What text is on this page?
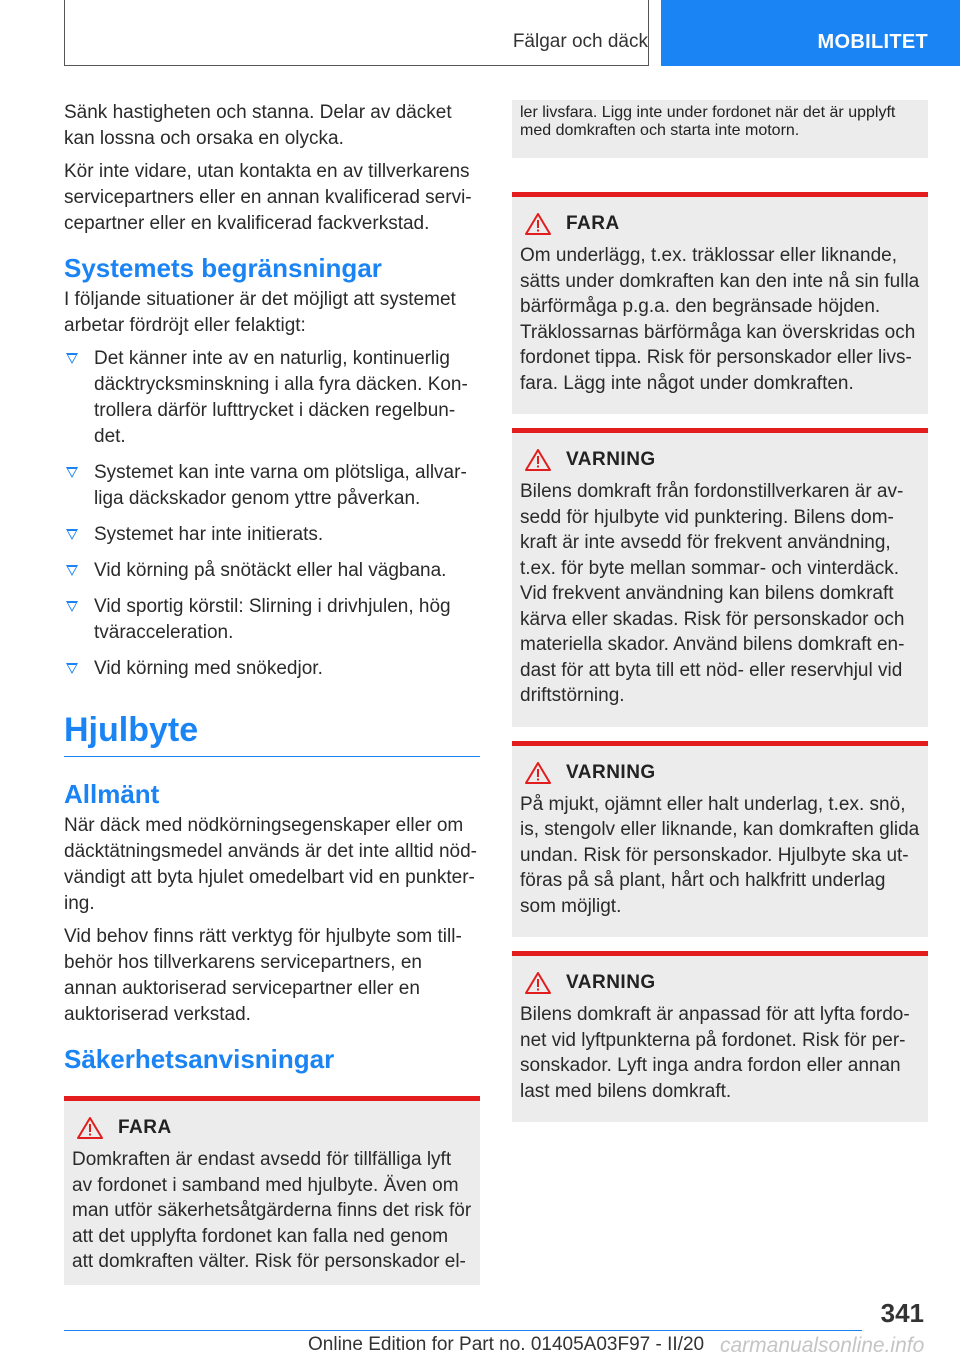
Fälgar och däck	MOBILITET

Sänk hastigheten och stanna. Delar av däcket kan lossna och orsaka en olycka.

Kör inte vidare, utan kontakta en av tillverkarens servicepartners eller en annan kvalificerad servi-cepartner eller en kvalificerad fackverkstad.

Systemets begränsningar

I följande situationer är det möjligt att systemet arbetar fördröjt eller felaktigt:

Det känner inte av en naturlig, kontinuerlig däcktrycksminskning i alla fyra däcken. Kon-trollera därför lufttrycket i däcken regelbun-det.
Systemet kan inte varna om plötsliga, allvar-liga däckskador genom yttre påverkan.
Systemet har inte initierats.
Vid körning på snötäckt eller hal vägbana.
Vid sportig körstil: Slirning i drivhjulen, hög tväracceleration.
Vid körning med snökedjor.
Hjulbyte
Allmänt

När däck med nödkörningsegenskaper eller om däcktätningsmedel används är det inte alltid nöd-vändigt att byta hjulet omedelbart vid en punkter-ing.

Vid behov finns rätt verktyg för hjulbyte som till-behör hos tillverkarens servicepartners, en annan auktoriserad servicepartner eller en auktoriserad verkstad.

Säkerhetsanvisningar
FARA
Domkraften är endast avsedd för tillfälliga lyft av fordonet i samband med hjulbyte. Även om man utför säkerhetsåtgärderna finns det risk för att det upplyfta fordonet kan falla ned genom att domkraften välter. Risk för personskador el-
ler livsfara. Ligg inte under fordonet när det är upplyft med domkraften och starta inte motorn.
FARA
Om underlägg, t.ex. träklossar eller liknande, sätts under domkraften kan den inte nå sin fulla bärförmåga p.g.a. den begränsade höjden. Träklossarnas bärförmåga kan överskridas och fordonet tippa. Risk för personskador eller livs-fara. Lägg inte något under domkraften.
VARNING
Bilens domkraft från fordonstillverkaren är av-sedd för hjulbyte vid punktering. Bilens dom-kraft är inte avsedd för frekvent användning, t.ex. för byte mellan sommar- och vinterdäck. Vid frekvent användning kan bilens domkraft kärva eller skadas. Risk för personskador och materiella skador. Använd bilens domkraft en-dast för att byta till ett nöd- eller reservhjul vid driftstörning.
VARNING
På mjukt, ojämnt eller halt underlag, t.ex. snö, is, stengolv eller liknande, kan domkraften glida undan. Risk för personskador. Hjulbyte ska ut-föras på så plant, hårt och halkfritt underlag som möjligt.
VARNING
Bilens domkraft är anpassad för att lyfta fordo-net vid lyftpunkterna på fordonet. Risk för per-sonskador. Lyft inga andra fordon eller annan last med bilens domkraft.
341
Online Edition for Part no. 01405A03F97 - II/20 carmanualsonline.info
